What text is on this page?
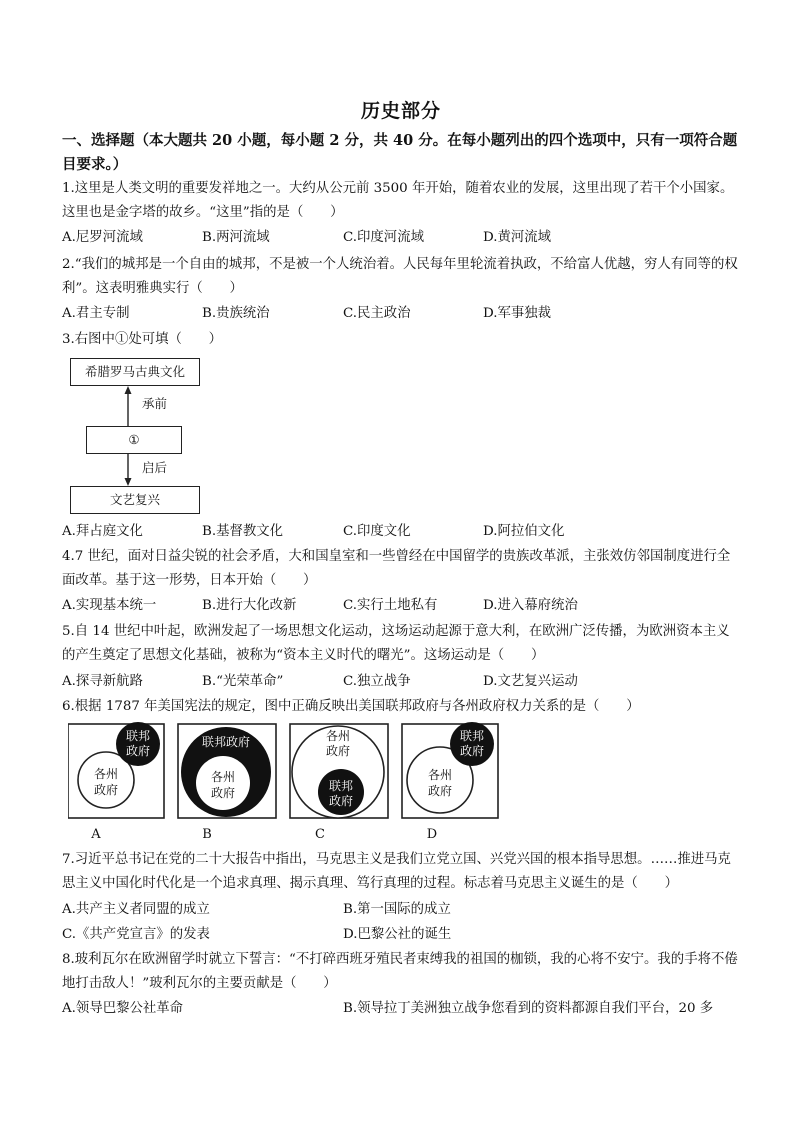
历史部分
一、选择题（本大题共 20 小题，每小题 2 分，共 40 分。在每小题列出的四个选项中，只有一项符合题目要求。）
1.这里是人类文明的重要发祥地之一。大约从公元前 3500 年开始，随着农业的发展，这里出现了若干个小国家。这里也是金字塔的故乡。“这里”指的是（　　）
A.尼罗河流域	B.两河流域	C.印度河流域	D.黄河流域
2.“我们的城邦是一个自由的城邦，不是被一个人统治着。人民每年里轮流着执政，不给富人优越，穷人有同等的权利”。这表明雅典实行（　　）
A.君主专制	B.贵族统治	C.民主政治	D.军事独裁
3.右图中①处可填（　　）
希腊罗马古典文化
承前
①
启后
文艺复兴
A.拜占庭文化	B.基督教文化	C.印度文化	D.阿拉伯文化
4.7 世纪，面对日益尖锐的社会矛盾，大和国皇室和一些曾经在中国留学的贵族改革派，主张效仿邻国制度进行全面改革。基于这一形势，日本开始（　　）
A.实现基本统一	B.进行大化改新	C.实行土地私有	D.进入幕府统治
5.自 14 世纪中叶起，欧洲发起了一场思想文化运动，这场运动起源于意大利，在欧洲广泛传播，为欧洲资本主义的产生奠定了思想文化基础，被称为“资本主义时代的曙光”。这场运动是（　　）
A.探寻新航路	B.“光荣革命”	C.独立战争	D.文艺复兴运动
6.根据 1787 年美国宪法的规定，图中正确反映出美国联邦政府与各州政府权力关系的是（　　）
联邦
政府
各州
政府
联邦政府
各州
政府
各州
政府
联邦
政府
联邦
政府
各州
政府
A	B	C	D
7.习近平总书记在党的二十大报告中指出，马克思主义是我们立党立国、兴党兴国的根本指导思想。……推进马克思主义中国化时代化是一个追求真理、揭示真理、笃行真理的过程。标志着马克思主义诞生的是（　　）
A.共产主义者同盟的成立	B.第一国际的成立
C.《共产党宣言》的发表	D.巴黎公社的诞生
8.玻利瓦尔在欧洲留学时就立下誓言：“不打碎西班牙殖民者束缚我的祖国的枷锁，我的心将不安宁。我的手将不倦地打击敌人！”玻利瓦尔的主要贡献是（　　）
A.领导巴黎公社革命	B.领导拉丁美洲独立战争您看到的资料都源自我们平台，20 多
